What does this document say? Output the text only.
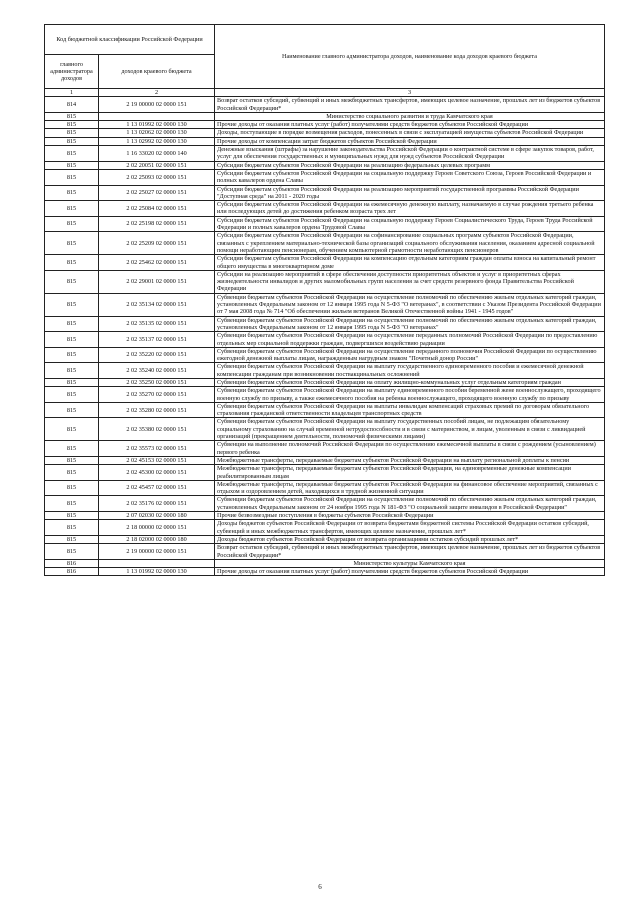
Код бюджетной классификации Российской Федерации		Наименование главного администратора доходов, наименование кода доходов краевого бюджета
главного администратора доходов	доходов краевого бюджета	
1	2	3
814	2 19 00000 02 0000 151	Возврат остатков субсидий, субвенций и иных межбюджетных трансфертов, имеющих целевое назначение, прошлых лет из бюджетов субъектов Российской Федерации*
815		Министерство социального развития и труда Камчатского края
815	1 13 01992 02 0000 130	Прочие доходы от оказания платных услуг (работ) получателями средств бюджетов субъектов Российской Федерации
815	1 13 02062 02 0000 130	Доходы, поступающие в порядке возмещения расходов, понесенных в связи с эксплуатацией имущества субъектов Российской Федерации
815	1 13 02992 02 0000 130	Прочие доходы от компенсации затрат бюджетов субъектов Российской Федерации
815	1 16 33020 02 0000 140	Денежные взыскания (штрафы) за нарушение законодательства Российской Федерации о контрактной системе в сфере закупок товаров, работ, услуг для обеспечения государственных и муниципальных нужд для нужд субъектов Российской Федерации
815	2 02 20051 02 0000 151	Субсидии бюджетам субъектов Российской Федерации на реализацию федеральных целевых программ
815	2 02 25093 02 0000 151	Субсидии бюджетам субъектов Российской Федерации на социальную поддержку Героев Советского Союза, Героев Российской Федерации и полных кавалеров ордена Славы
815	2 02 25027 02 0000 151	Субсидии бюджетам субъектов Российской Федерации на реализацию мероприятий государственной программы Российской Федерации "Доступная среда" на 2011 - 2020 годы
815	2 02 25084 02 0000 151	Субсидии бюджетам субъектов Российской Федерации на ежемесячную денежную выплату, назначаемую в случае рождения третьего ребенка или последующих детей до достижения ребенком возраста трех лет
815	2 02 25198 02 0000 151	Субсидии бюджетам субъектов Российской Федерации на социальную поддержку Героев Социалистического Труда, Героев Труда Российской Федерации и полных кавалеров ордена Трудовой Славы
815	2 02 25209 02 0000 151	Субсидии бюджетам субъектов Российской Федерации на софинансирование социальных программ субъектов Российской Федерации, связанных с укреплением материально-технической базы организаций социального обслуживания населения, оказанием адресной социальной помощи неработающим пенсионерам, обучением компьютерной грамотности неработающих пенсионеров
815	2 02 25462 02 0000 151	Субсидии бюджетам субъектов Российской Федерации на компенсацию отдельным категориям граждан оплаты взноса на капитальный ремонт общего имущества в многоквартирном доме
815	2 02 29001 02 0000 151	Субсидии на реализацию мероприятий в сфере обеспечения доступности приоритетных объектов и услуг в приоритетных сферах жизнедеятельности инвалидов и других маломобильных групп населения за счет средств резервного фонда Правительства Российской Федерации
815	2 02 35134 02 0000 151	Субвенции бюджетам субъектов Российской Федерации на осуществление полномочий по обеспечению жильем отдельных категорий граждан, установленных Федеральным законом от 12 января 1995 года N 5-ФЗ "О ветеранах", в соответствии с Указом Президента Российской Федерации от 7 мая 2008 года № 714 "Об обеспечении жильем ветеранов Великой Отечественной войны 1941 - 1945 годов"
815	2 02 35135 02 0000 151	Субвенции бюджетам субъектов Российской Федерации на осуществление полномочий по обеспечению жильем отдельных категорий граждан, установленных Федеральным законом от 12 января 1995 года N 5-ФЗ "О ветеранах"
815	2 02 35137 02 0000 151	Субвенции бюджетам субъектов Российской Федерации на осуществление переданных полномочий Российской Федерации по предоставлению отдельных мер социальной поддержки граждан, подвергшихся воздействию радиации
815	2 02 35220 02 0000 151	Субвенции бюджетам субъектов Российской Федерации на осуществление переданного полномочия Российской Федерации по осуществлению ежегодной денежной выплаты лицам, награжденным нагрудным знаком "Почетный донор России"
815	2 02 35240 02 0000 151	Субвенции бюджетам субъектов Российской Федерации на выплату государственного единовременного пособия и ежемесячной денежной компенсации гражданам при возникновении поствакцинальных осложнений
815	2 02 35250 02 0000 151	Субвенции бюджетам субъектов Российской Федерации на оплату жилищно-коммунальных услуг отдельным категориям граждан
815	2 02 35270 02 0000 151	Субвенции бюджетам субъектов Российской Федерации на выплату единовременного пособия беременной жене военнослужащего, проходящего военную службу по призыву, а также ежемесячного пособия на ребенка военнослужащего, проходящего военную службу по призыву
815	2 02 35280 02 0000 151	Субвенции бюджетам субъектов Российской Федерации на выплаты инвалидам компенсаций страховых премий по договорам обязательного страхования гражданской ответственности владельцев транспортных средств
815	2 02 35380 02 0000 151	Субвенции бюджетам субъектов Российской Федерации на выплату государственных пособий лицам, не подлежащим обязательному социальному страхованию на случай временной нетрудоспособности и в связи с материнством, и лицам, уволенным в связи с ликвидацией организаций (прекращением деятельности, полномочий физическими лицами)
815	2 02 35573 02 0000 151	Субвенции на выполнение полномочий Российской Федерации по осуществлению ежемесячной выплаты в связи с рождением (усыновлением) первого ребенка
815	2 02 45153 02 0000 151	Межбюджетные трансферты, передаваемые бюджетам субъектов Российской Федерации на выплату региональной доплаты к пенсии
815	2 02 45300 02 0000 151	Межбюджетные трансферты, передаваемые бюджетам субъектов Российской Федерации, на единовременные денежные компенсации реабилитированным лицам
815	2 02 45457 02 0000 151	Межбюджетные трансферты, передаваемые бюджетам субъектов Российской Федерации на финансовое обеспечение мероприятий, связанных с отдыхом и оздоровлением детей, находящихся в трудной жизненной ситуации
815	2 02 35176 02 0000 151	Субвенции бюджетам субъектов Российской Федерации на осуществление полномочий по обеспечению жильем отдельных категорий граждан, установленных Федеральным законом от 24 ноября 1995 года N 181-ФЗ "О социальной защите инвалидов в Российской Федерации"
815	2 07 02030 02 0000 180	Прочие безвозмездные поступления в бюджеты субъектов Российской Федерации
815	2 18 00000 02 0000 151	Доходы бюджетов субъектов Российской Федерации от возврата бюджетами бюджетной системы Российской Федерации остатков субсидий, субвенций и иных межбюджетных трансфертов, имеющих целевое назначение, прошлых лет*
815	2 18 02000 02 0000 180	Доходы бюджетов субъектов Российской Федерации от возврата организациями остатков субсидий прошлых лет*
815	2 19 00000 02 0000 151	Возврат остатков субсидий, субвенций и иных межбюджетных трансфертов, имеющих целевое назначение, прошлых лет из бюджетов субъектов Российской Федерации*
816		Министерство культуры Камчатского края
816	1 13 01992 02 0000 130	Прочие доходы от оказания платных услуг (работ) получателями средств бюджетов субъектов Российской Федерации
6
